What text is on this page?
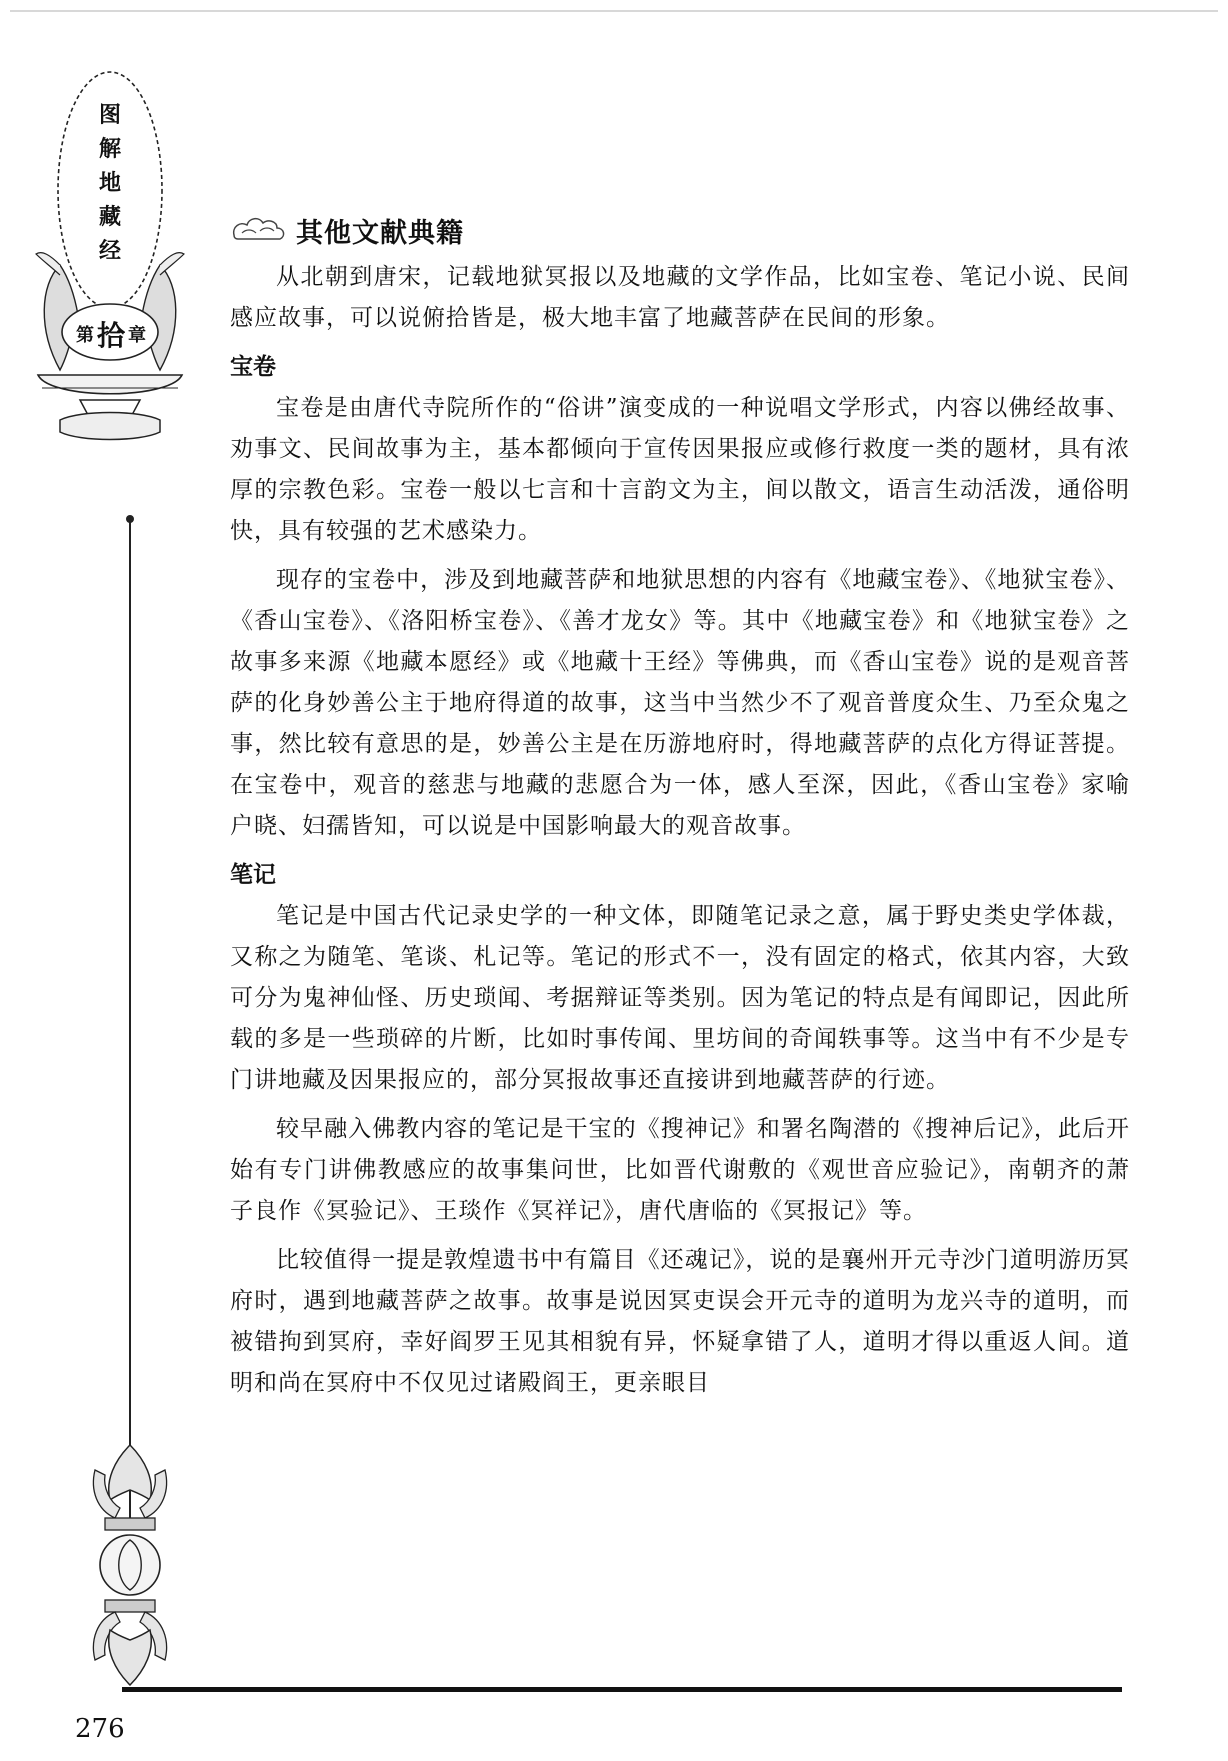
图
解
地
藏
经
第 拾 章
其他文献典籍

从北朝到唐宋，记载地狱冥报以及地藏的文学作品，比如宝卷、笔记小说、民间感应故事，可以说俯拾皆是，极大地丰富了地藏菩萨在民间的形象。

宝卷

宝卷是由唐代寺院所作的“俗讲”演变成的一种说唱文学形式，内容以佛经故事、劝事文、民间故事为主，基本都倾向于宣传因果报应或修行救度一类的题材，具有浓厚的宗教色彩。宝卷一般以七言和十言韵文为主，间以散文，语言生动活泼，通俗明快，具有较强的艺术感染力。

现存的宝卷中，涉及到地藏菩萨和地狱思想的内容有《地藏宝卷》、《地狱宝卷》、《香山宝卷》、《洛阳桥宝卷》、《善才龙女》等。其中《地藏宝卷》和《地狱宝卷》之故事多来源《地藏本愿经》或《地藏十王经》等佛典，而《香山宝卷》说的是观音菩萨的化身妙善公主于地府得道的故事，这当中当然少不了观音普度众生、乃至众鬼之事，然比较有意思的是，妙善公主是在历游地府时，得地藏菩萨的点化方得证菩提。在宝卷中，观音的慈悲与地藏的悲愿合为一体，感人至深，因此，《香山宝卷》家喻户晓、妇孺皆知，可以说是中国影响最大的观音故事。

笔记

笔记是中国古代记录史学的一种文体，即随笔记录之意，属于野史类史学体裁，又称之为随笔、笔谈、札记等。笔记的形式不一，没有固定的格式，依其内容，大致可分为鬼神仙怪、历史琐闻、考据辩证等类别。因为笔记的特点是有闻即记，因此所载的多是一些琐碎的片断，比如时事传闻、里坊间的奇闻轶事等。这当中有不少是专门讲地藏及因果报应的，部分冥报故事还直接讲到地藏菩萨的行迹。

较早融入佛教内容的笔记是干宝的《搜神记》和署名陶潜的《搜神后记》，此后开始有专门讲佛教感应的故事集问世，比如晋代谢敷的《观世音应验记》，南朝齐的萧子良作《冥验记》、王琰作《冥祥记》，唐代唐临的《冥报记》等。

比较值得一提是敦煌遗书中有篇目《还魂记》，说的是襄州开元寺沙门道明游历冥府时，遇到地藏菩萨之故事。故事是说因冥吏误会开元寺的道明为龙兴寺的道明，而被错拘到冥府，幸好阎罗王见其相貌有异，怀疑拿错了人，道明才得以重返人间。道明和尚在冥府中不仅见过诸殿阎王，更亲眼目

276
